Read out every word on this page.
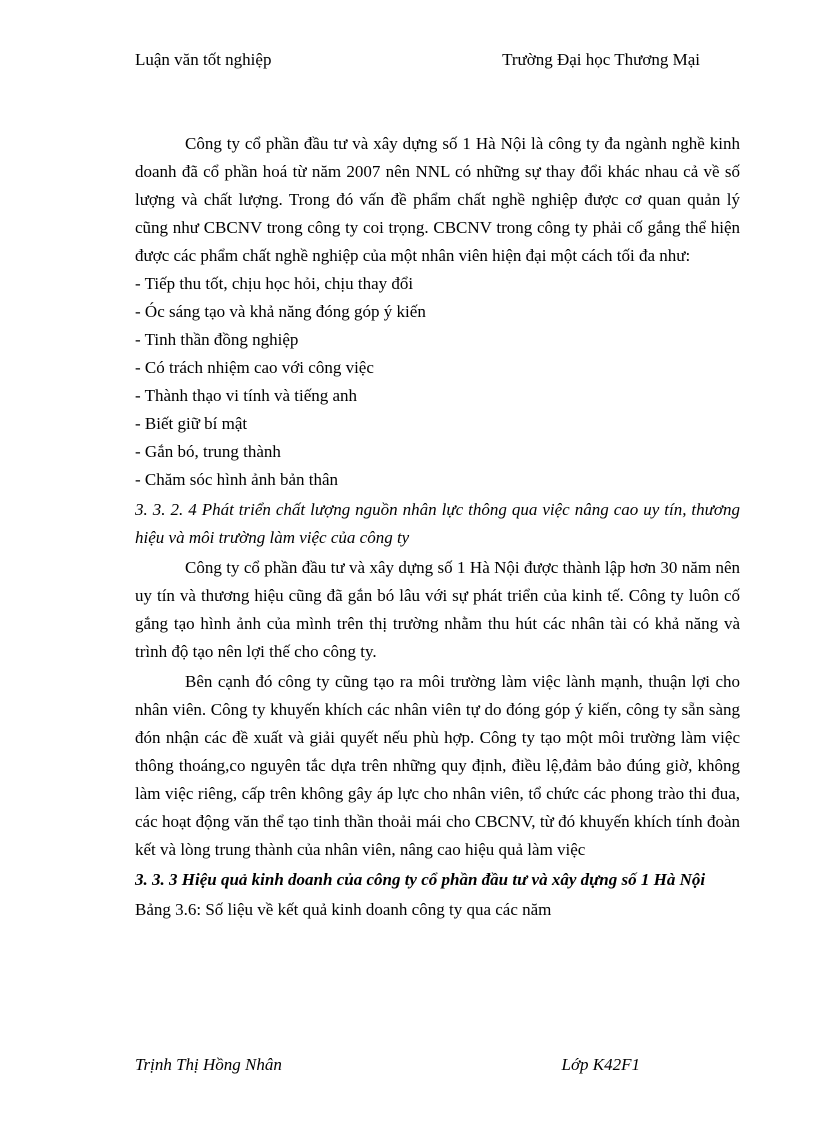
Luận văn tốt nghiệp	Trường Đại học Thương Mại

Công ty cổ phần đầu tư và xây dựng số 1 Hà Nội là công ty đa ngành nghề kinh doanh đã cổ phần hoá từ năm 2007 nên NNL có những sự thay đổi khác nhau cả về số lượng và chất lượng. Trong đó vấn đề phẩm chất nghề nghiệp được cơ quan quản lý cũng như CBCNV trong công ty coi trọng. CBCNV trong công ty phải cố gắng thể hiện được các phẩm chất nghề nghiệp của một nhân viên hiện đại một cách tối đa như:

- Tiếp thu tốt, chịu học hỏi, chịu thay đổi
- Óc sáng tạo và khả năng đóng góp ý kiến
- Tinh thần đồng nghiệp
- Có trách nhiệm cao với công việc
- Thành thạo vi tính và tiếng anh
- Biết giữ bí mật
- Gắn bó, trung thành
- Chăm sóc hình ảnh bản thân

3. 3. 2. 4 Phát triển chất lượng nguồn nhân lực thông qua việc nâng cao uy tín, thương hiệu và môi trường làm việc của công ty

Công ty cổ phần đầu tư và xây dựng số 1 Hà Nội được thành lập hơn 30 năm nên uy tín và thương hiệu cũng đã gắn bó lâu với sự phát triển của kinh tế. Công ty luôn cố gắng tạo hình ảnh của mình trên thị trường nhằm thu hút các nhân tài có khả năng và trình độ tạo nên lợi thế cho công ty.

Bên cạnh đó công ty cũng tạo ra môi trường làm việc lành mạnh, thuận lợi cho nhân viên. Công ty khuyến khích các nhân viên tự do đóng góp ý kiến, công ty sẵn sàng đón nhận các đề xuất và giải quyết nếu phù hợp. Công ty tạo một môi trường làm việc thông thoáng,co nguyên tắc dựa trên những quy định, điều lệ,đảm bảo đúng giờ, không làm việc riêng, cấp trên không gây áp lực cho nhân viên, tổ chức các phong trào thi đua, các hoạt động văn thể tạo tinh thần thoải mái cho CBCNV, từ đó khuyến khích tính đoàn kết và lòng trung thành của nhân viên, nâng cao hiệu quả làm việc

3. 3. 3 Hiệu quả kinh doanh của công ty cổ phần đầu tư và xây dựng số 1 Hà Nội

Bảng 3.6: Số liệu về kết quả kinh doanh công ty qua các năm

Trịnh Thị Hồng Nhân	Lớp K42F1
